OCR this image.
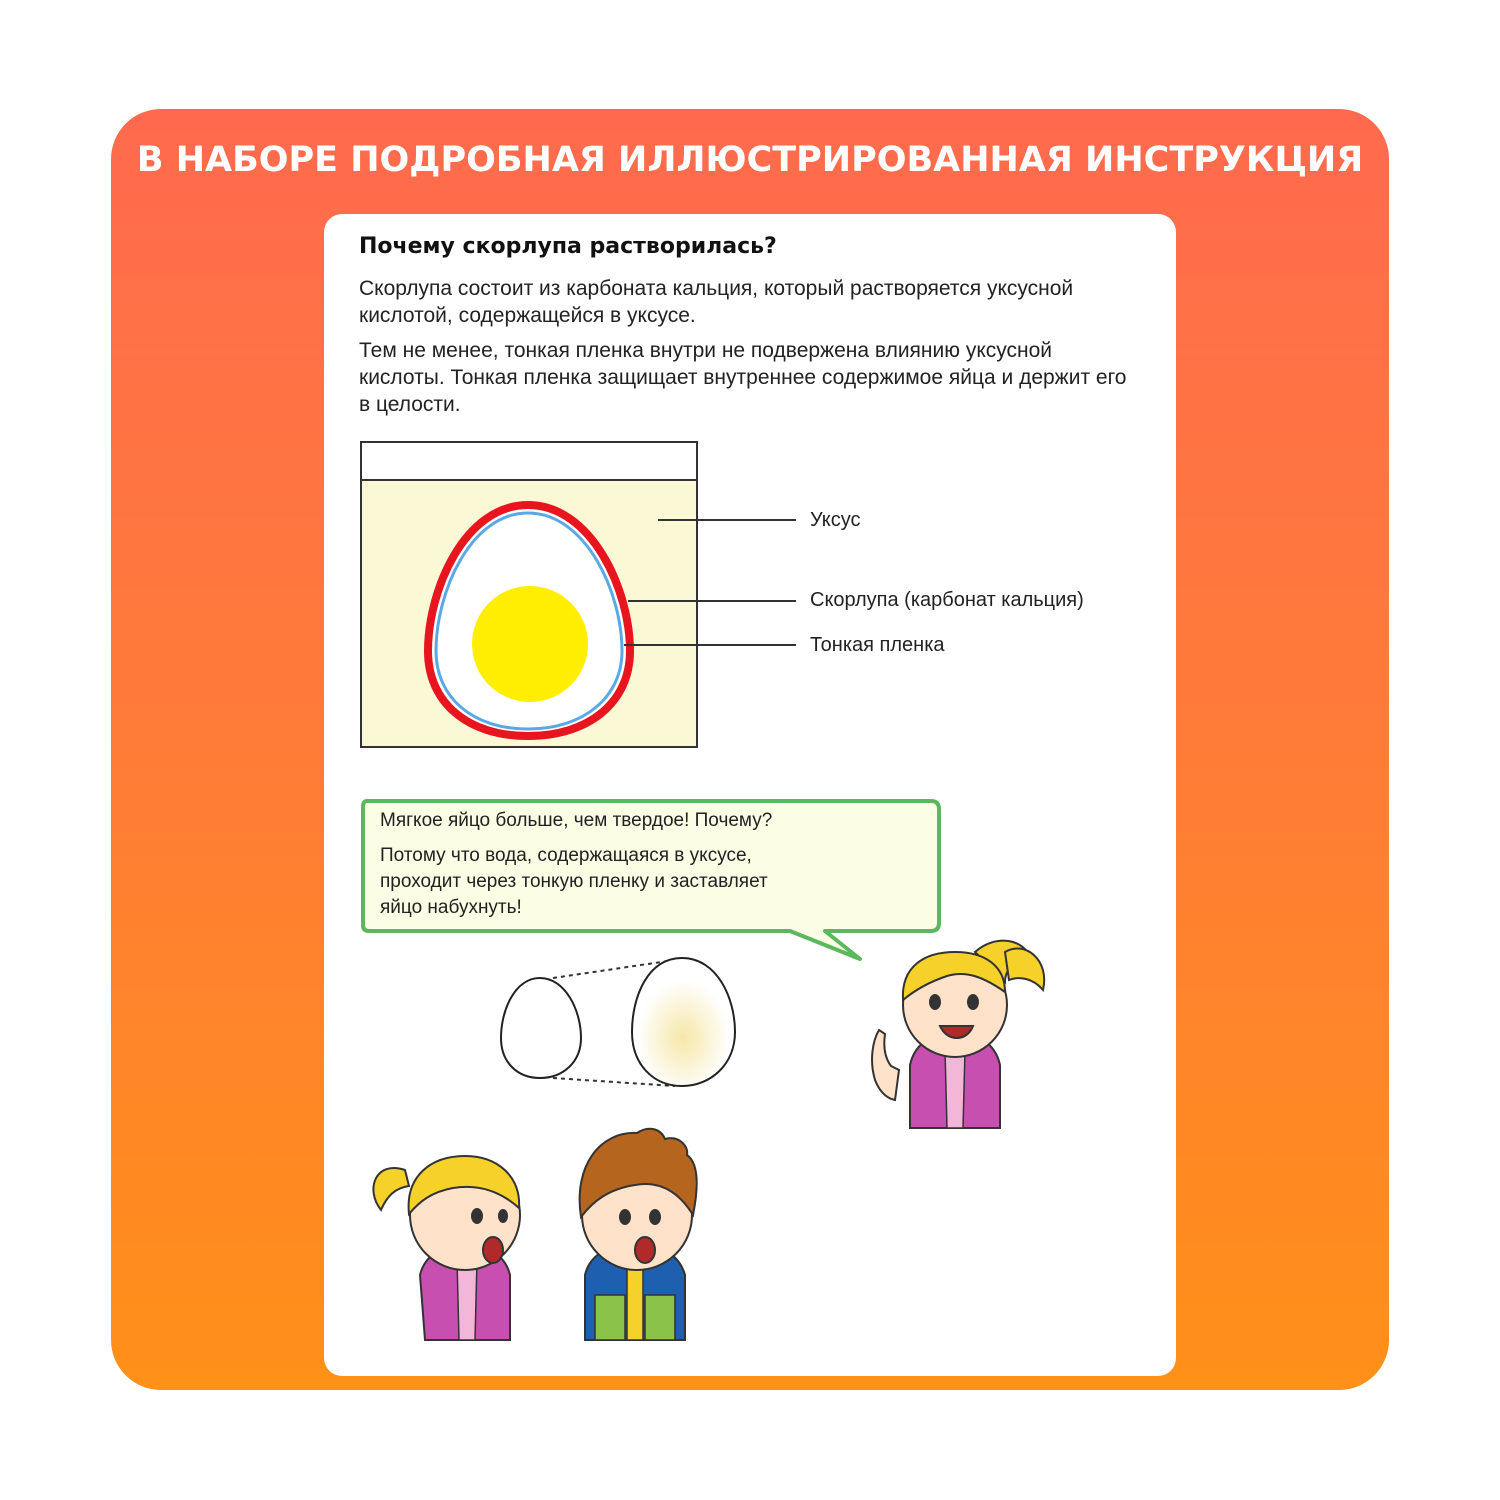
В НАБОРЕ ПОДРОБНАЯ ИЛЛЮСТРИРОВАННАЯ ИНСТРУКЦИЯ
Почему скорлупа растворилась?
Скорлупа состоит из карбоната кальция, который растворяется уксусной кислотой, содержащейся в уксусе.
Тем не менее, тонкая пленка внутри не подвержена влиянию уксусной кислоты. Тонкая пленка защищает внутреннее содержимое яйца и держит его в целости.
Уксус
Скорлупа (карбонат кальция)
Тонкая пленка
Мягкое яйцо больше, чем твердое! Почему?
Потому что вода, содержащаяся в уксусе,
проходит через тонкую пленку и заставляет
яйцо набухнуть!
